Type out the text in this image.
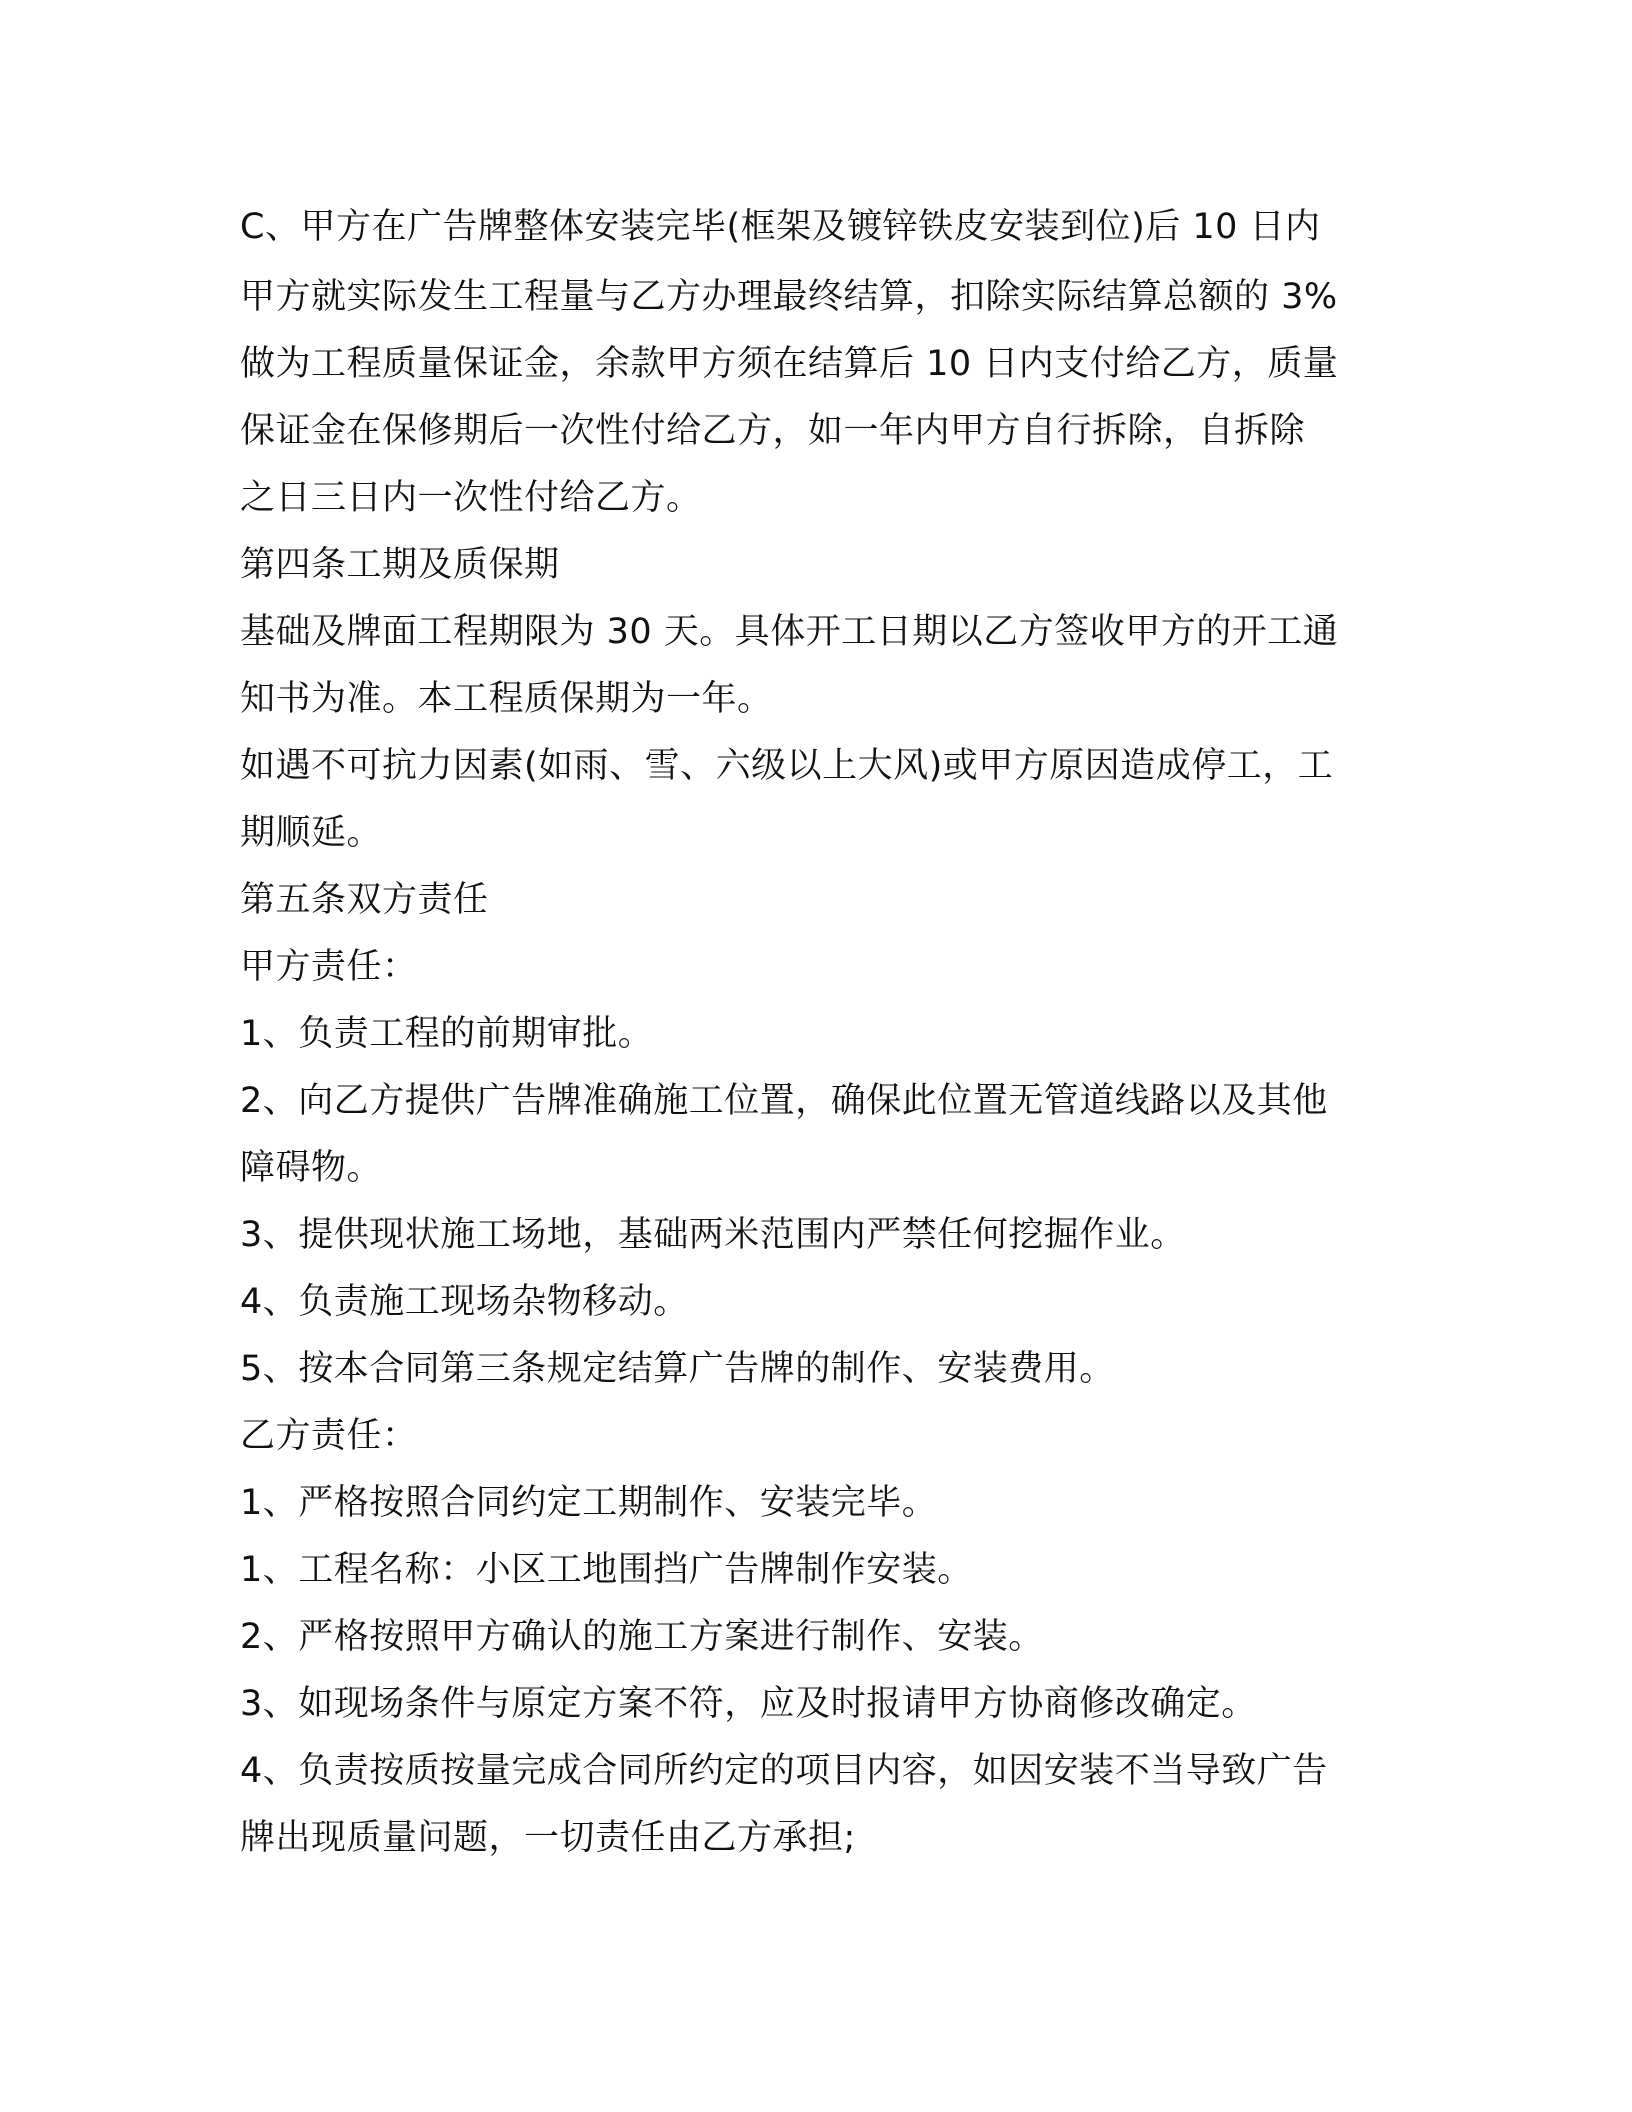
C、甲方在广告牌整体安装完毕(框架及镀锌铁皮安装到位)后 10 日内
甲方就实际发生工程量与乙方办理最终结算，扣除实际结算总额的 3%
做为工程质量保证金，余款甲方须在结算后 10 日内支付给乙方，质量
保证金在保修期后一次性付给乙方，如一年内甲方自行拆除，自拆除
之日三日内一次性付给乙方。
第四条工期及质保期
基础及牌面工程期限为 30 天。具体开工日期以乙方签收甲方的开工通
知书为准。本工程质保期为一年。
如遇不可抗力因素(如雨、雪、六级以上大风)或甲方原因造成停工，工
期顺延。
第五条双方责任
甲方责任：
1、负责工程的前期审批。
2、向乙方提供广告牌准确施工位置，确保此位置无管道线路以及其他
障碍物。
3、提供现状施工场地，基础两米范围内严禁任何挖掘作业。
4、负责施工现场杂物移动。
5、按本合同第三条规定结算广告牌的制作、安装费用。
乙方责任：
1、严格按照合同约定工期制作、安装完毕。
1、工程名称：小区工地围挡广告牌制作安装。
2、严格按照甲方确认的施工方案进行制作、安装。
3、如现场条件与原定方案不符，应及时报请甲方协商修改确定。
4、负责按质按量完成合同所约定的项目内容，如因安装不当导致广告
牌出现质量问题，一切责任由乙方承担;
